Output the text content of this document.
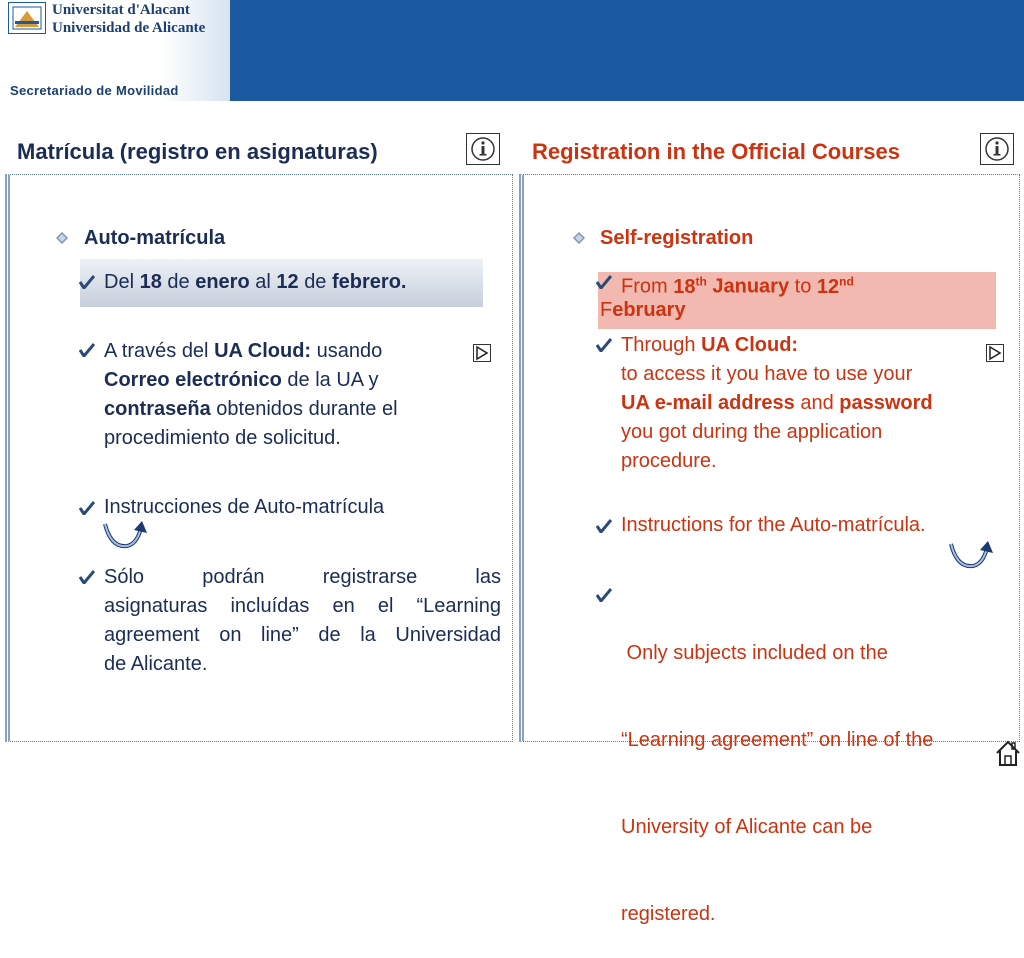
Universitat d'Alacant
Universidad de Alicante
Secretariado de Movilidad
Matrícula (registro en asignaturas)	Registration in the Official Courses
Auto-matrícula
Del 18 de enero al 12 de febrero.
A través del UA Cloud: usando
Correo electrónico de la UA y
contraseña obtenidos durante el
procedimiento de solicitud.
Instrucciones de Auto-matrícula
Sólo podrán registrarse las
asignaturas incluídas en el “Learning
agreement on line” de la Universidad
de Alicante.
Self-registration
From 18th January to 12nd
February
Through UA Cloud:
to access it you have to use your
UA e-mail address and password
you got during the application
procedure.
Instructions for the Auto-matrícula.

Only subjects included on the

“Learning agreement” on line of the

University of Alicante can be

registered.
